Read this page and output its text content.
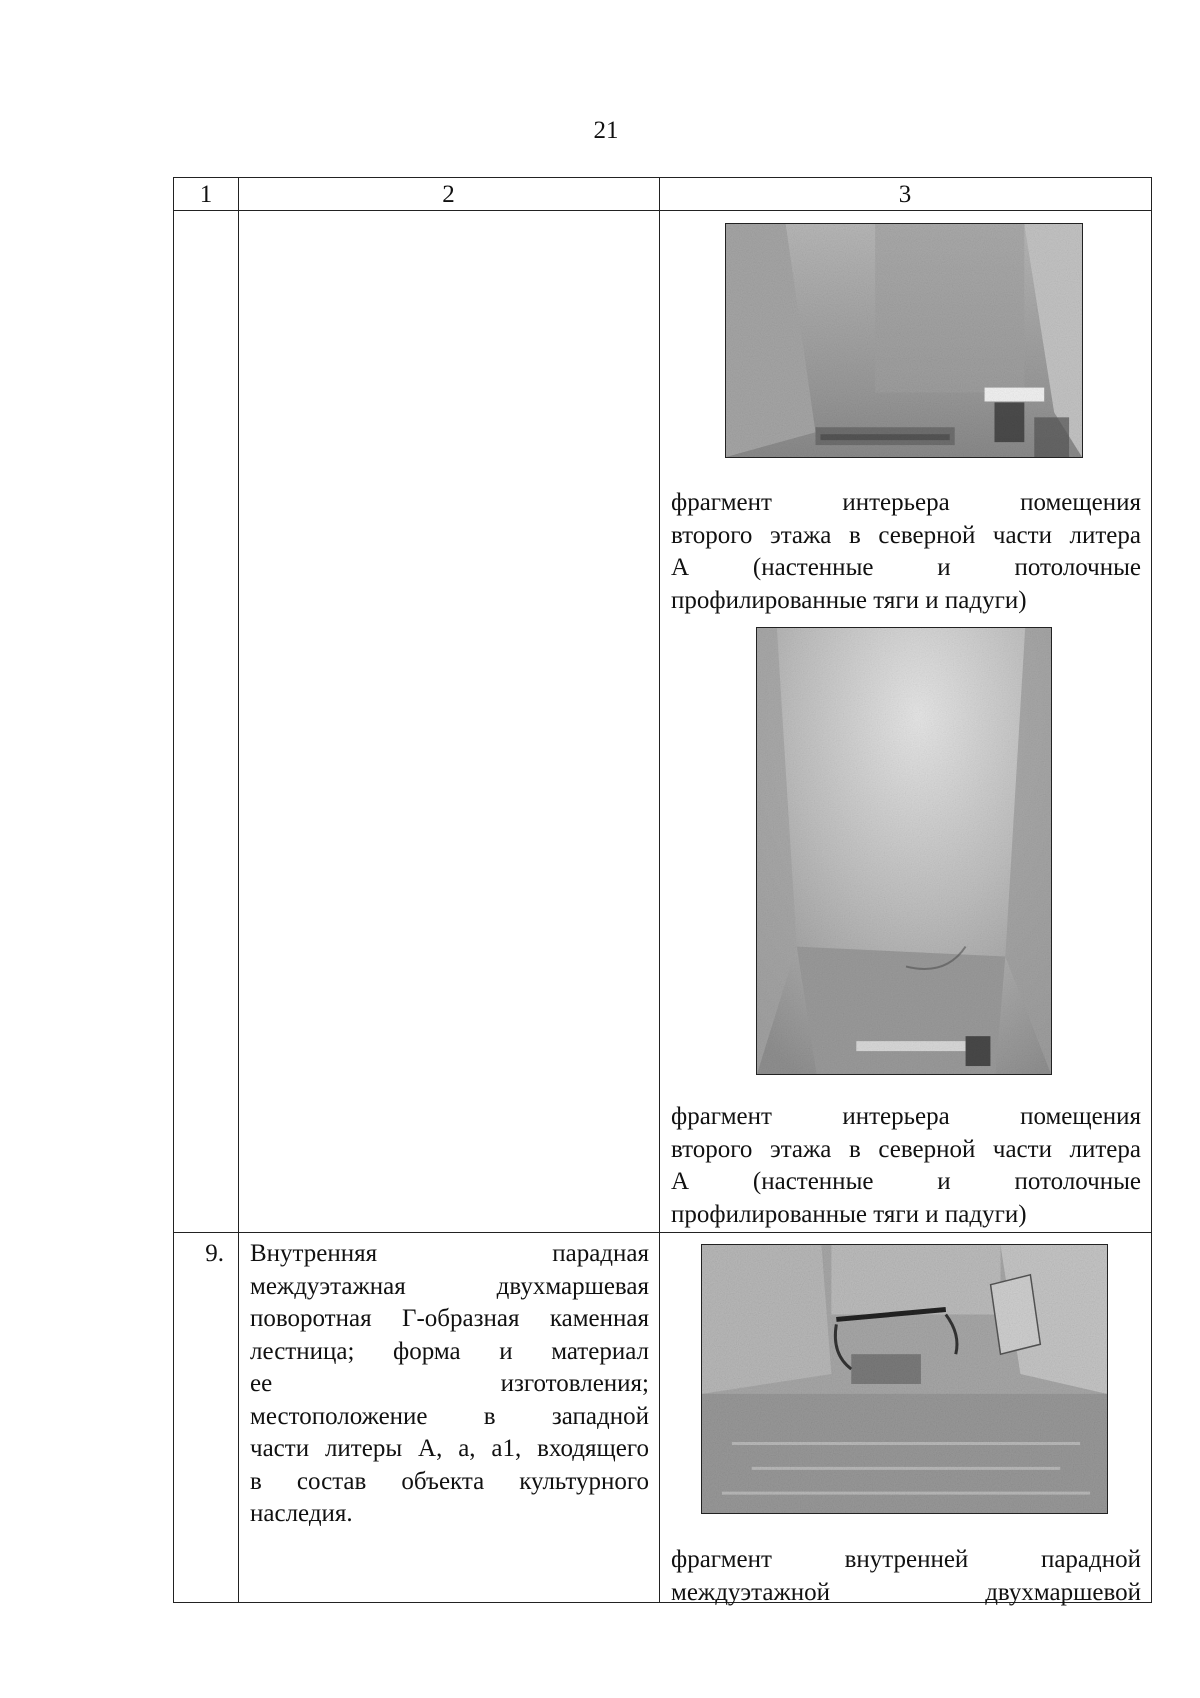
21
1	2	3
фрагмент интерьера помещения
второго этажа в северной части литера
А (настенные и потолочные
профилированные тяги и падуги)
фрагмент интерьера помещения
второго этажа в северной части литера
А (настенные и потолочные
профилированные тяги и падуги)
9. Внутренняя парадная
междуэтажная двухмаршевая
поворотная Г-образная каменная
лестница; форма и материал
ее изготовления;
местоположение в западной
части литеры А, а, а1, входящего
в состав объекта культурного
наследия.
фрагмент внутренней парадной
междуэтажной двухмаршевой
